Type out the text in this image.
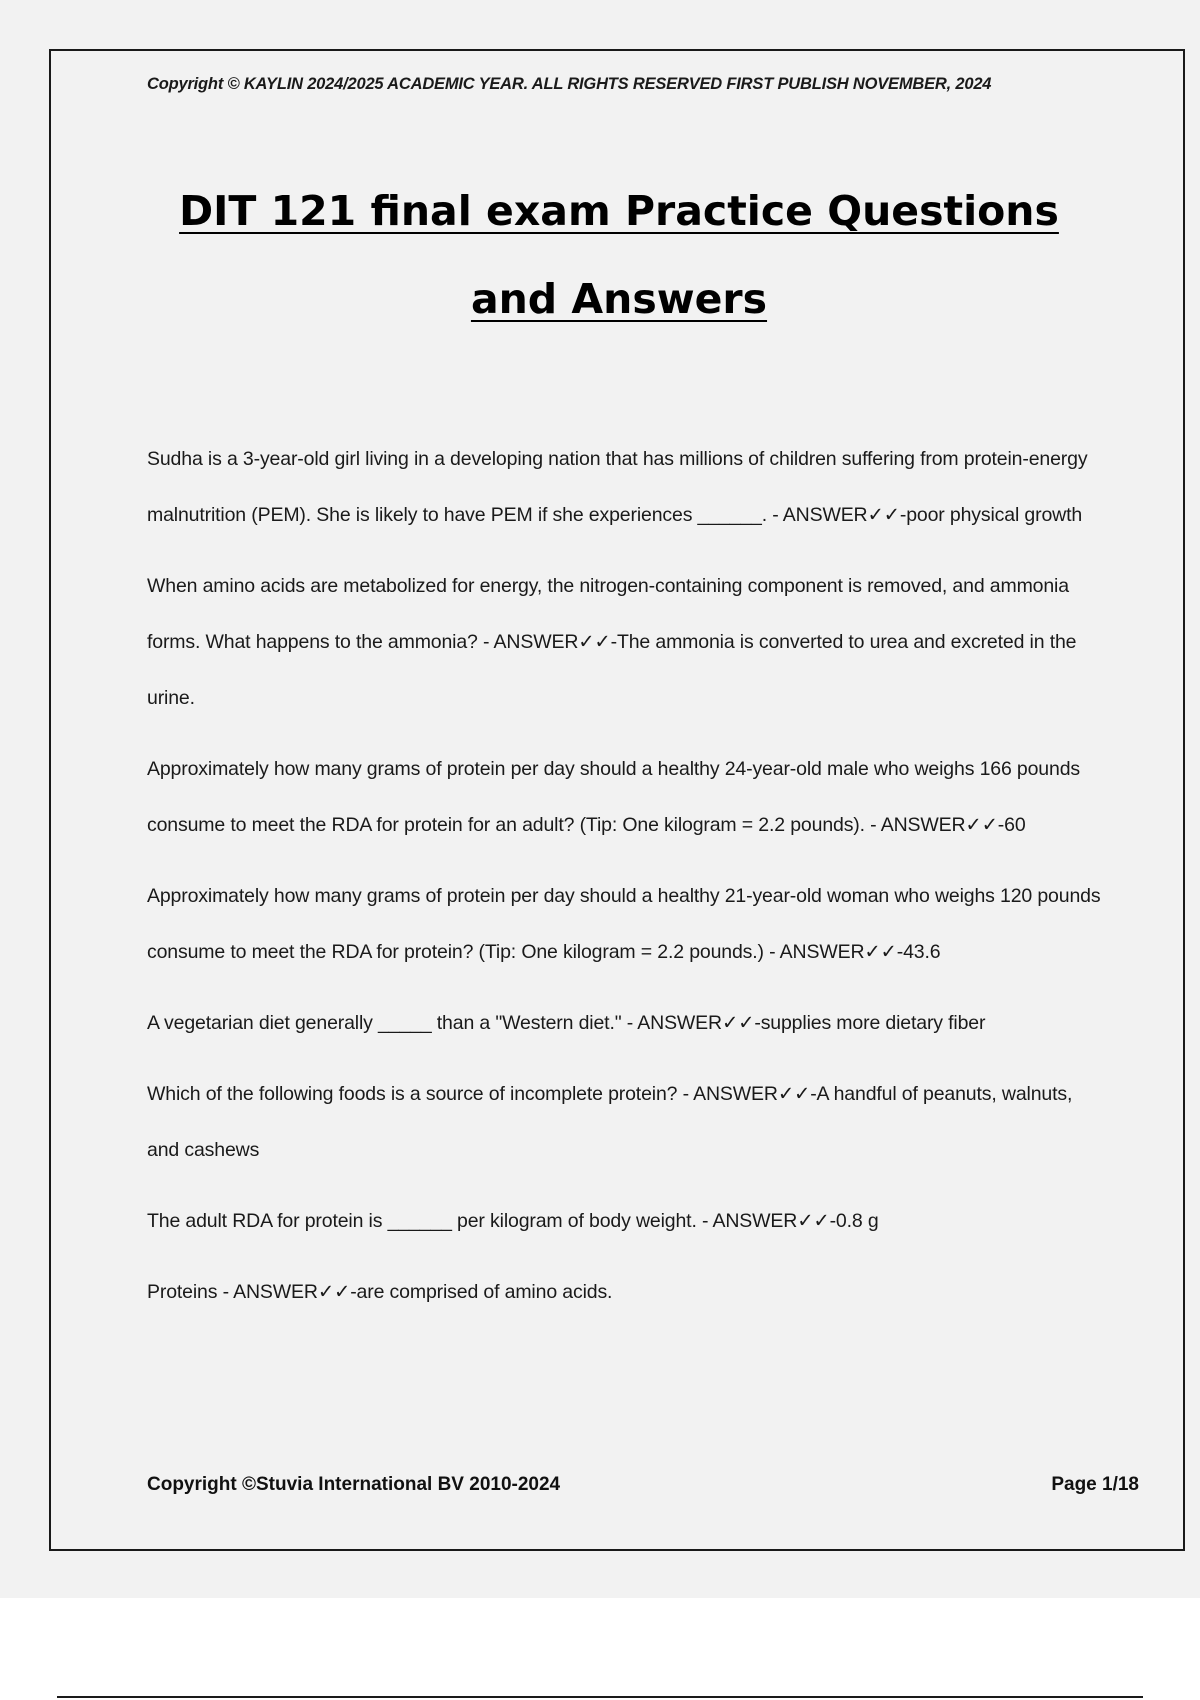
Copyright © KAYLIN 2024/2025 ACADEMIC YEAR. ALL RIGHTS RESERVED FIRST PUBLISH NOVEMBER, 2024
DIT 121 final exam Practice Questions and Answers

Sudha is a 3-year-old girl living in a developing nation that has millions of children suffering from protein-energy malnutrition (PEM). She is likely to have PEM if she experiences ______. - ANSWER✓✓-poor physical growth

When amino acids are metabolized for energy, the nitrogen-containing component is removed, and ammonia forms. What happens to the ammonia? - ANSWER✓✓-The ammonia is converted to urea and excreted in the urine.

Approximately how many grams of protein per day should a healthy 24-year-old male who weighs 166 pounds consume to meet the RDA for protein for an adult? (Tip: One kilogram = 2.2 pounds). - ANSWER✓✓-60

Approximately how many grams of protein per day should a healthy 21-year-old woman who weighs 120 pounds consume to meet the RDA for protein? (Tip: One kilogram = 2.2 pounds.) - ANSWER✓✓-43.6

A vegetarian diet generally _____ than a "Western diet." - ANSWER✓✓-supplies more dietary fiber

Which of the following foods is a source of incomplete protein? - ANSWER✓✓-A handful of peanuts, walnuts, and cashews

The adult RDA for protein is ______ per kilogram of body weight. - ANSWER✓✓-0.8 g

Proteins - ANSWER✓✓-are comprised of amino acids.

Copyright ©Stuvia International BV 2010-2024	Page 1/18
